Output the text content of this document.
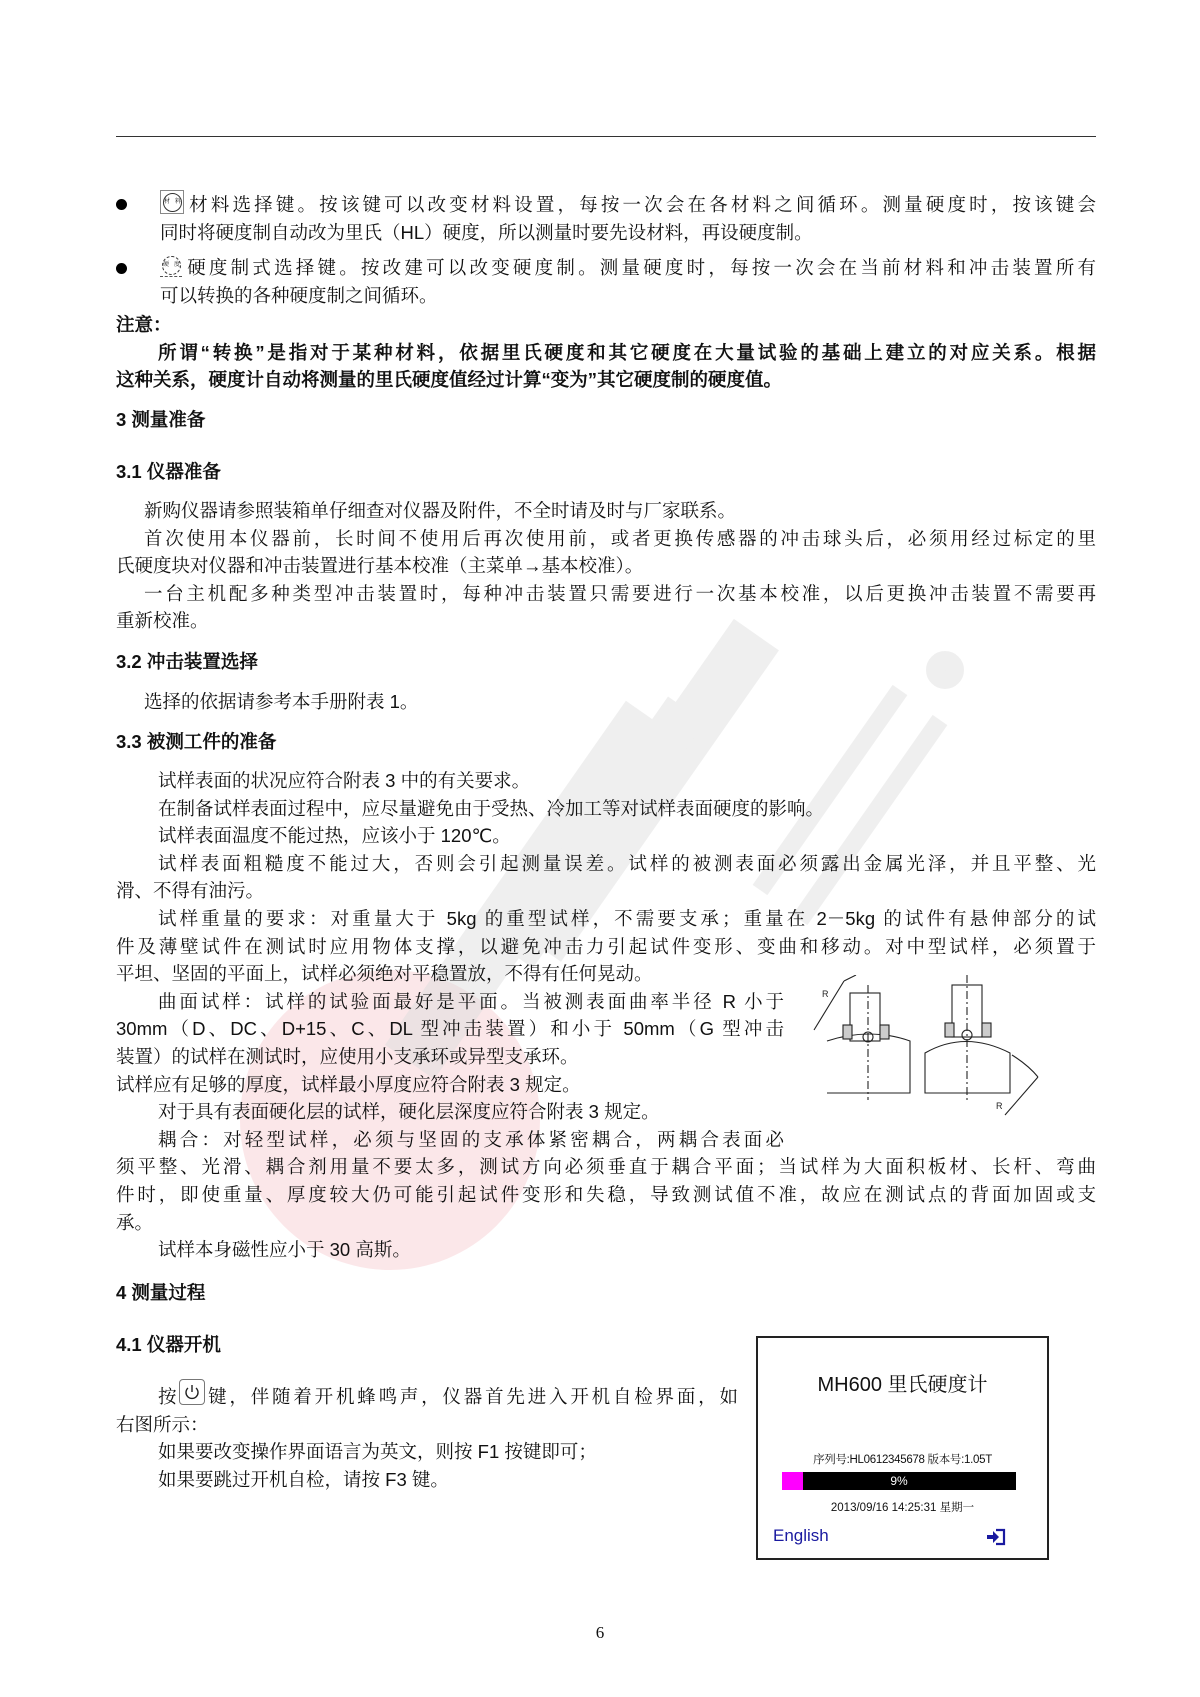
材料 材料选择键。按该键可以改变材料设置，每按一次会在各材料之间循环。测量硬度时，按该键会
同时将硬度制自动改为里氏（HL）硬度，所以测量时要先设材料，再设硬度制。
硬度 硬度制式选择键。按改建可以改变硬度制。测量硬度时，每按一次会在当前材料和冲击装置所有
可以转换的各种硬度制之间循环。
注意：
所谓“转换”是指对于某种材料，依据里氏硬度和其它硬度在大量试验的基础上建立的对应关系。根据
这种关系，硬度计自动将测量的里氏硬度值经过计算“变为”其它硬度制的硬度值。
3 测量准备
3.1 仪器准备
新购仪器请参照装箱单仔细查对仪器及附件，不全时请及时与厂家联系。
首次使用本仪器前，长时间不使用后再次使用前，或者更换传感器的冲击球头后，必须用经过标定的里
氏硬度块对仪器和冲击装置进行基本校准（主菜单→基本校准）。
一台主机配多种类型冲击装置时，每种冲击装置只需要进行一次基本校准，以后更换冲击装置不需要再
重新校准。
3.2 冲击装置选择
选择的依据请参考本手册附表 1。
3.3 被测工件的准备
试样表面的状况应符合附表 3 中的有关要求。
在制备试样表面过程中，应尽量避免由于受热、冷加工等对试样表面硬度的影响。
试样表面温度不能过热，应该小于 120℃。
试样表面粗糙度不能过大，否则会引起测量误差。试样的被测表面必须露出金属光泽，并且平整、光
滑、不得有油污。
试样重量的要求：对重量大于 5kg 的重型试样，不需要支承；重量在 2－5kg 的试件有悬伸部分的试
件及薄壁试件在测试时应用物体支撑，以避免冲击力引起试件变形、变曲和移动。对中型试样，必须置于
平坦、坚固的平面上，试样必须绝对平稳置放，不得有任何晃动。
曲面试样：试样的试验面最好是平面。当被测表面曲率半径 R 小于
30mm（D、DC、D+15、C、DL 型冲击装置）和小于 50mm（G 型冲击
装置）的试样在测试时，应使用小支承环或异型支承环。
试样应有足够的厚度，试样最小厚度应符合附表 3 规定。
对于具有表面硬化层的试样，硬化层深度应符合附表 3 规定。
耦合：对轻型试样，必须与坚固的支承体紧密耦合，两耦合表面必
须平整、光滑、耦合剂用量不要太多，测试方向必须垂直于耦合平面；当试样为大面积板材、长杆、弯曲
件时，即使重量、厚度较大仍可能引起试件变形和失稳，导致测试值不准，故应在测试点的背面加固或支
承。
试样本身磁性应小于 30 高斯。
R
R
4 测量过程
4.1 仪器开机
按 键，伴随着开机蜂鸣声，仪器首先进入开机自检界面，如
右图所示：
如果要改变操作界面语言为英文，则按 F1 按键即可；
如果要跳过开机自检，请按 F3 键。
MH600 里氏硬度计
序列号:HL0612345678 版本号:1.05T
9%
2013/09/16 14:25:31 星期一
English
6
